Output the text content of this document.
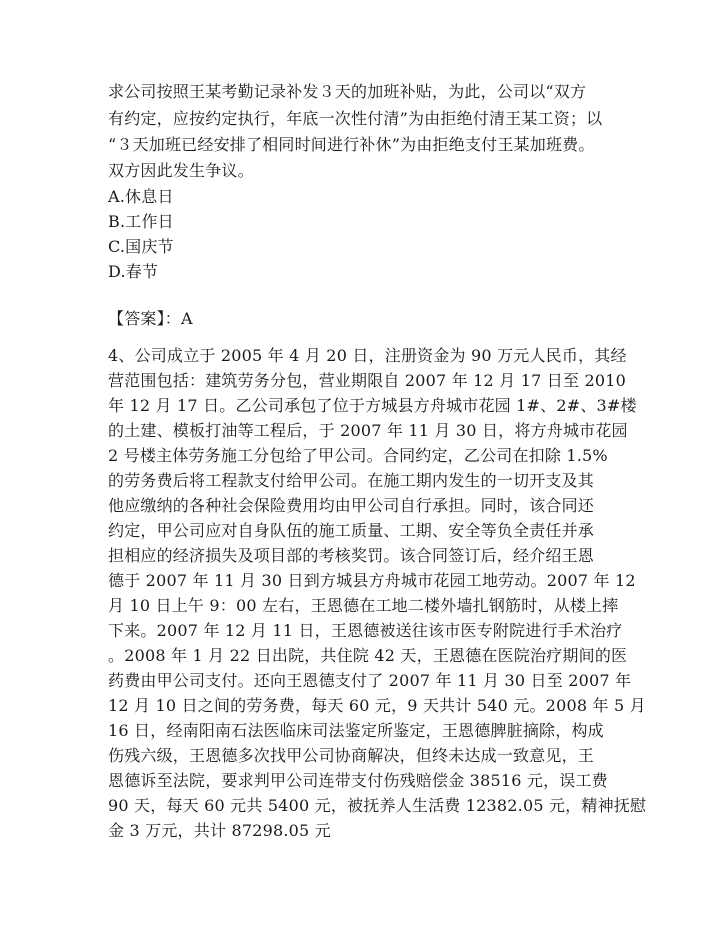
求公司按照王某考勤记录补发３天的加班补贴，为此，公司以“双方
有约定，应按约定执行，年底一次性付清”为由拒绝付清王某工资；以
“３天加班已经安排了相同时间进行补休”为由拒绝支付王某加班费。
双方因此发生争议。
A.休息日
B.工作日
C.国庆节
D.春节
【答案】：A
4、公司成立于 2005 年 4 月 20 日，注册资金为 90 万元人民币，其经
营范围包括：建筑劳务分包，营业期限自 2007 年 12 月 17 日至 2010
年 12 月 17 日。乙公司承包了位于方城县方舟城市花园 1#、2#、3#楼
的土建、模板打油等工程后，于 2007 年 11 月 30 日，将方舟城市花园
2 号楼主体劳务施工分包给了甲公司。合同约定，乙公司在扣除 1.5%
的劳务费后将工程款支付给甲公司。在施工期内发生的一切开支及其
他应缴纳的各种社会保险费用均由甲公司自行承担。同时，该合同还
约定，甲公司应对自身队伍的施工质量、工期、安全等负全责任并承
担相应的经济损失及项目部的考核奖罚。该合同签订后，经介绍王恩
德于 2007 年 11 月 30 日到方城县方舟城市花园工地劳动。2007 年 12
月 10 日上午 9：00 左右，王恩德在工地二楼外墙扎钢筋时，从楼上摔
下来。2007 年 12 月 11 日，王恩德被送往该市医专附院进行手术治疗
。2008 年 1 月 22 日出院，共住院 42 天，王恩德在医院治疗期间的医
药费由甲公司支付。还向王恩德支付了 2007 年 11 月 30 日至 2007 年
12 月 10 日之间的劳务费，每天 60 元，9 天共计 540 元。2008 年 5 月
16 日，经南阳南石法医临床司法鉴定所鉴定，王恩德脾脏摘除，构成
伤残六级，王恩德多次找甲公司协商解决，但终未达成一致意见，王
恩德诉至法院，要求判甲公司连带支付伤残赔偿金 38516 元，误工费
90 天，每天 60 元共 5400 元，被抚养人生活费 12382.05 元，精神抚慰
金 3 万元，共计 87298.05 元
